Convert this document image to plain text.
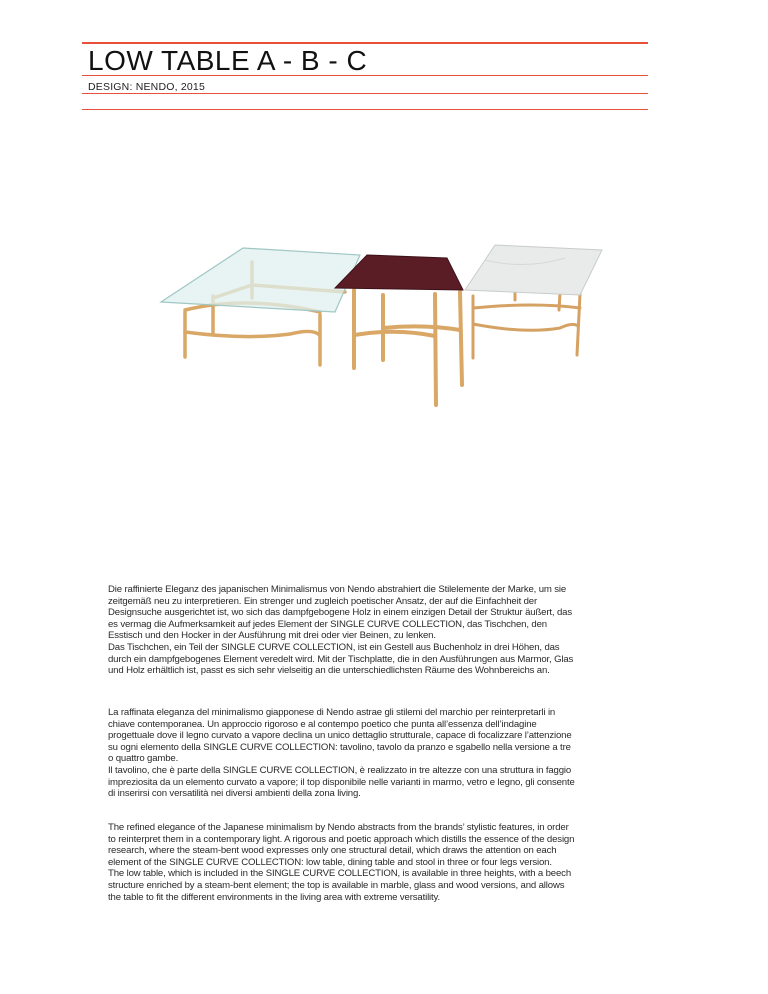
LOW TABLE A - B - C
DESIGN: NENDO, 2015

Die raffinierte Eleganz des japanischen Minimalismus von Nendo abstrahiert die Stilelemente der Marke, um sie zeitgemäß neu zu interpretieren. Ein strenger und zugleich poetischer Ansatz, der auf die Einfachheit der Designsuche ausgerichtet ist, wo sich das dampfgebogene Holz in einem einzigen Detail der Struktur äußert, das es vermag die Aufmerksamkeit auf jedes Element der SINGLE CURVE COLLECTION, das Tischchen, den Esstisch und den Hocker in der Ausführung mit drei oder vier Beinen, zu lenken.

Das Tischchen, ein Teil der SINGLE CURVE COLLECTION, ist ein Gestell aus Buchenholz in drei Höhen, das durch ein dampfgebogenes Element veredelt wird. Mit der Tischplatte, die in den Ausführungen aus Marmor, Glas und Holz erhältlich ist, passt es sich sehr vielseitig an die unterschiedlichsten Räume des Wohnbereichs an.

La raffinata eleganza del minimalismo giapponese di Nendo astrae gli stilemi del marchio per reinterpretarli in chiave contemporanea. Un approccio rigoroso e al contempo poetico che punta all’essenza dell’indagine progettuale dove il legno curvato a vapore declina un unico dettaglio strutturale, capace di focalizzare l’attenzione su ogni elemento della SINGLE CURVE COLLECTION: tavolino, tavolo da pranzo e sgabello nella versione a tre o quattro gambe.

Il tavolino, che è parte della SINGLE CURVE COLLECTION, è realizzato in tre altezze con una struttura in faggio impreziosita da un elemento curvato a vapore; il top disponibile nelle varianti in marmo, vetro e legno, gli consente di inserirsi con versatilità nei diversi ambienti della zona living.

The refined elegance of the Japanese minimalism by Nendo abstracts from the brands’ stylistic features, in order to reinterpret them in a contemporary light. A rigorous and poetic approach which distills the essence of the design research, where the steam-bent wood expresses only one structural detail, which draws the attention on each element of the SINGLE CURVE COLLECTION: low table, dining table and stool in three or four legs version.

The low table, which is included in the SINGLE CURVE COLLECTION, is available in three heights, with a beech structure enriched by a steam-bent element; the top is available in marble, glass and wood versions, and allows the table to fit the different environments in the living area with extreme versatility.
